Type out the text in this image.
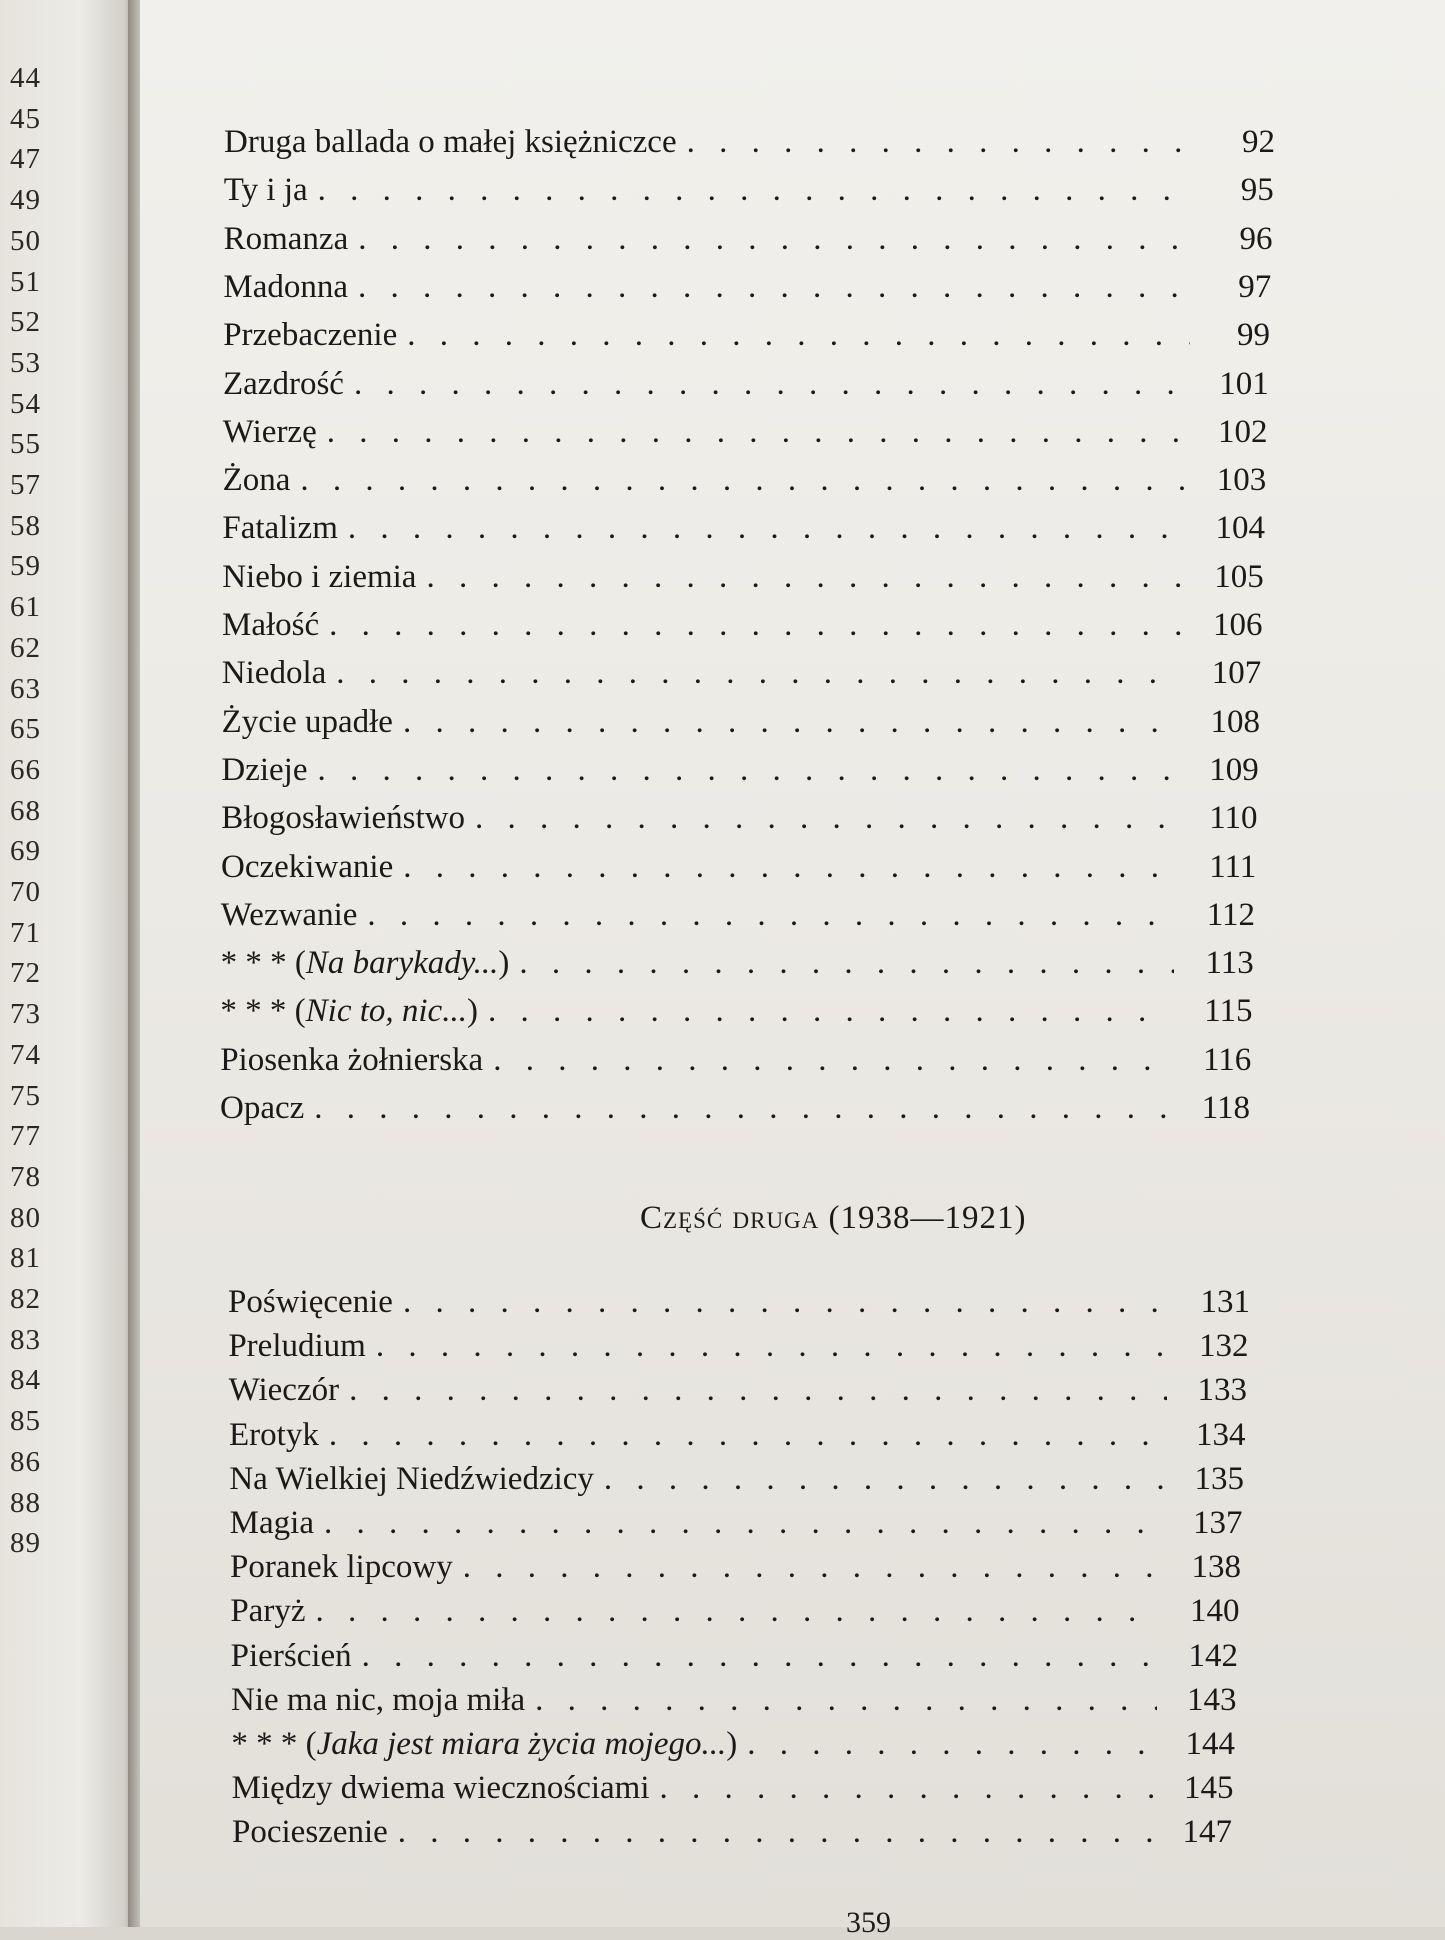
44
45
47
49
50
51
52
53
54
55
57
58
59
61
62
63
65
66
68
69
70
71
72
73
74
75
77
78
80
81
82
83
84
85
86
88
89
Druga ballada o małej księżniczce . . .	92
Ty i ja . . .	95
Romanza . . .	96
Madonna . . .	97
Przebaczenie . . .	99
Zazdrość . . .	101
Wierzę . . .	102
Żona . . .	103
Fatalizm . . .	104
Niebo i ziemia . . .	105
Małość . . .	106
Niedola . . .	107
Życie upadłe . . .	108
Dzieje . . .	109
Błogosławieństwo . . .	110
Oczekiwanie . . .	111
Wezwanie . . .	112
* * * (Na barykady...) . . .	113
* * * (Nic to, nic...) . . .	115
Piosenka żołnierska . . .	116
Opacz . . .	118
Poświęcenie . . .	131
Preludium . . .	132
Wieczór . . .	133
Erotyk . . .	134
Na Wielkiej Niedźwiedzicy . . .	135
Magia . . .	137
Poranek lipcowy . . .	138
Paryż . . .	140
Pierścień . . .	142
Nie ma nic, moja miła . . .	143
* * * (Jaka jest miara życia mojego...) . . .	144
Między dwiema wiecznościami . . .	145
Pocieszenie . . .	147
Część druga (1938—1921)
359
